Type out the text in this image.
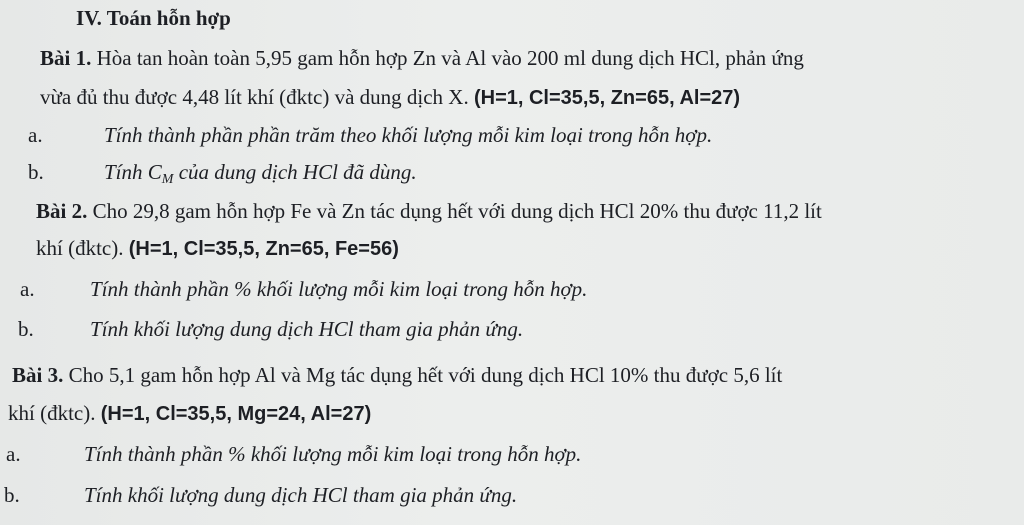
IV. Toán hỗn hợp
Bài 1. Hòa tan hoàn toàn 5,95 gam hỗn hợp Zn và Al vào 200 ml dung dịch HCl, phản ứng
vừa đủ thu được 4,48 lít khí (đktc) và dung dịch X. (H=1, Cl=35,5, Zn=65, Al=27)
a.	Tính thành phần phần trăm theo khối lượng mỗi kim loại trong hỗn hợp.
b.	Tính $C_M$ của dung dịch HCl đã dùng.
Bài 2. Cho 29,8 gam hỗn hợp Fe và Zn tác dụng hết với dung dịch HCl 20% thu được 11,2 lít
khí (đktc). (H=1, Cl=35,5, Zn=65, Fe=56)
a.	Tính thành phần % khối lượng mỗi kim loại trong hỗn hợp.
b.	Tính khối lượng dung dịch HCl tham gia phản ứng.
Bài 3. Cho 5,1 gam hỗn hợp Al và Mg tác dụng hết với dung dịch HCl 10% thu được 5,6 lít
khí (đktc). (H=1, Cl=35,5, Mg=24, Al=27)
a.	Tính thành phần % khối lượng mỗi kim loại trong hỗn hợp.
b.	Tính khối lượng dung dịch HCl tham gia phản ứng.
